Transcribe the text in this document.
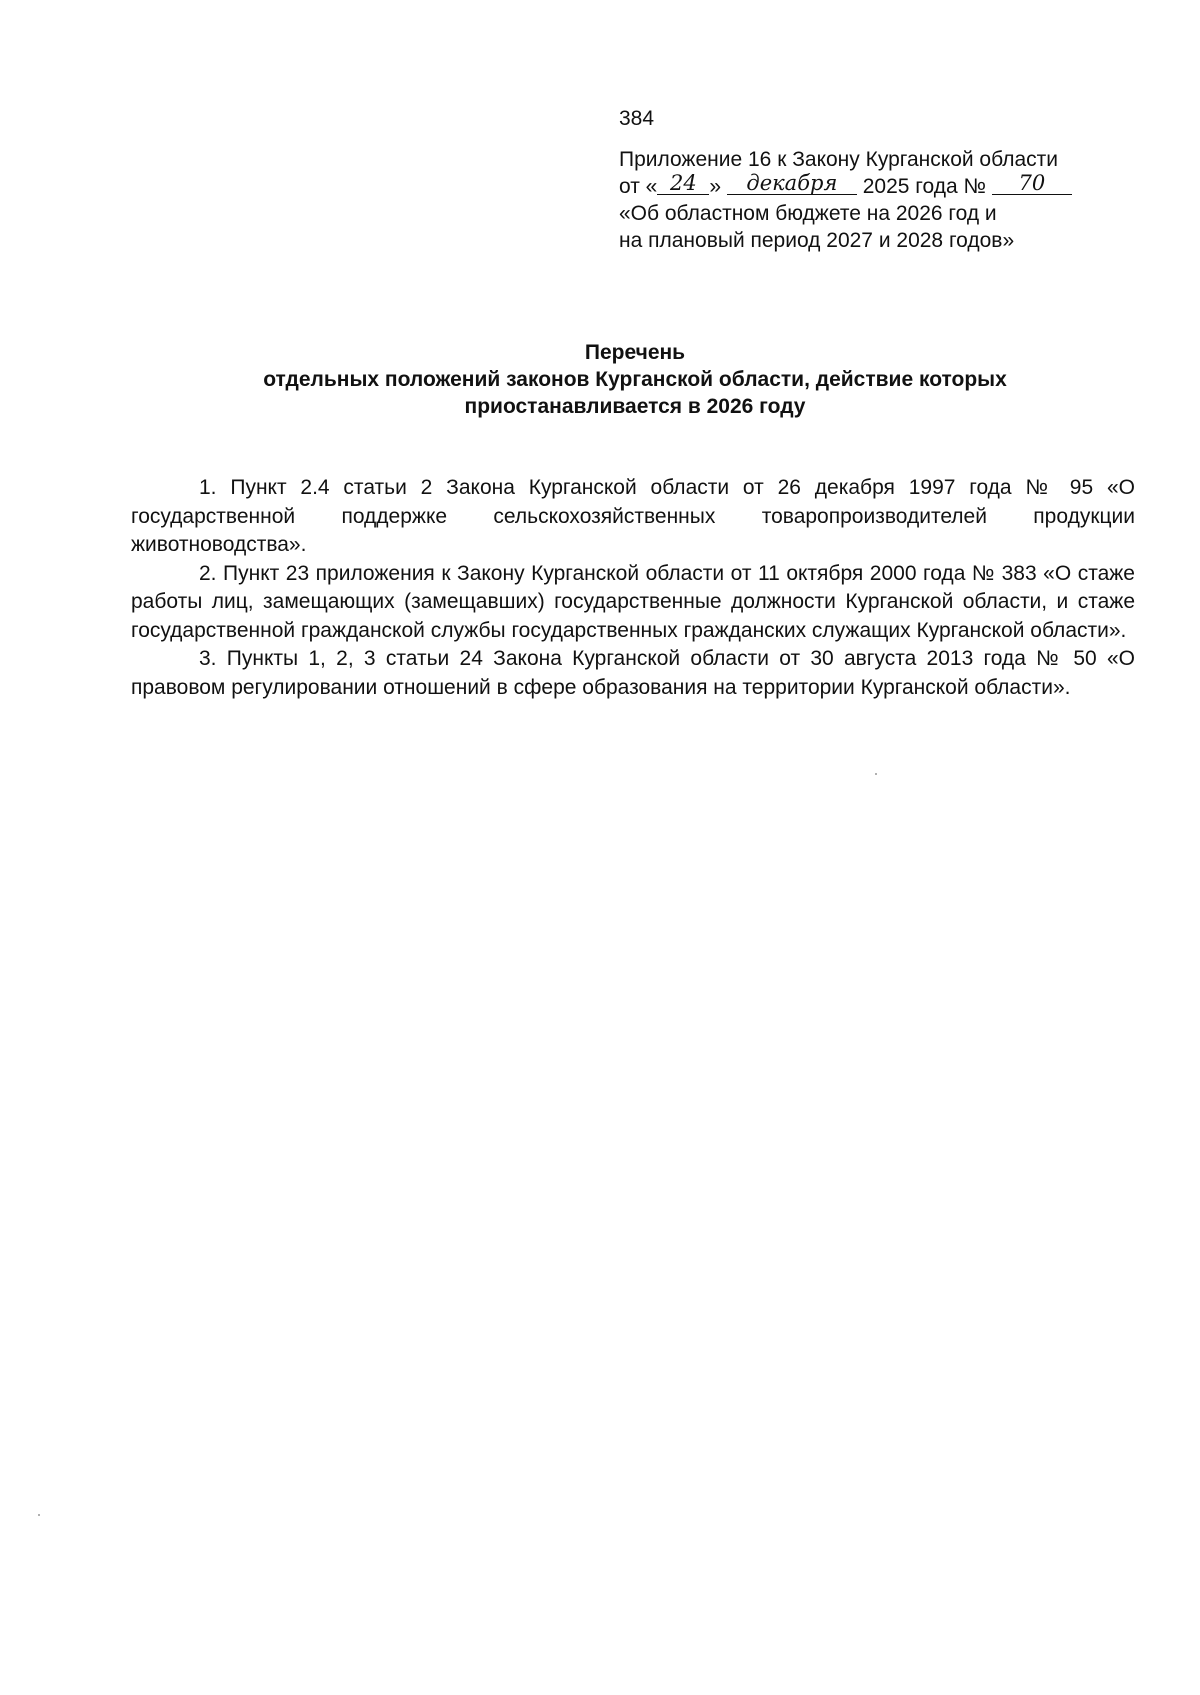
384
Приложение 16 к Закону Курганской области
от « 24 » декабря 2025 года № 70
«Об областном бюджете на 2026 год и
на плановый период 2027 и 2028 годов»
Перечень
отдельных положений законов Курганской области, действие которых
приостанавливается в 2026 году

1. Пункт 2.4 статьи 2 Закона Курганской области от 26 декабря 1997 года № 95 «О государственной поддержке сельскохозяйственных товаропроизводителей продукции животноводства».

2. Пункт 23 приложения к Закону Курганской области от 11 октября 2000 года № 383 «О стаже работы лиц, замещающих (замещавших) государственные должности Курганской области, и стаже государственной гражданской службы государственных гражданских служащих Курганской области».

3. Пункты 1, 2, 3 статьи 24 Закона Курганской области от 30 августа 2013 года № 50 «О правовом регулировании отношений в сфере образования на территории Курганской области».
